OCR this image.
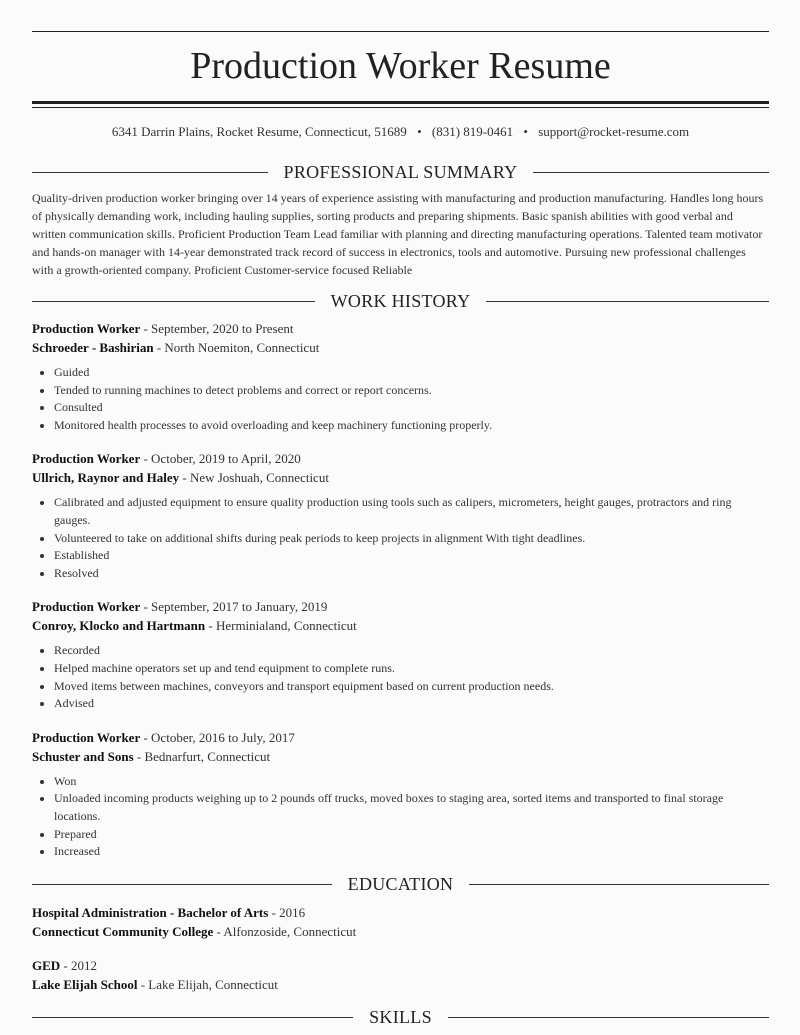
Production Worker Resume
6341 Darrin Plains, Rocket Resume, Connecticut, 51689 • (831) 819-0461 • support@rocket-resume.com
PROFESSIONAL SUMMARY

Quality-driven production worker bringing over 14 years of experience assisting with manufacturing and production manufacturing. Handles long hours of physically demanding work, including hauling supplies, sorting products and preparing shipments. Basic spanish abilities with good verbal and written communication skills. Proficient Production Team Lead familiar with planning and directing manufacturing operations. Talented team motivator and hands-on manager with 14-year demonstrated track record of success in electronics, tools and automotive. Pursuing new professional challenges with a growth-oriented company. Proficient Customer-service focused Reliable

WORK HISTORY
Production Worker - September, 2020 to Present
Schroeder - Bashirian - North Noemiton, Connecticut
• Guided
• Tended to running machines to detect problems and correct or report concerns.
• Consulted
• Monitored health processes to avoid overloading and keep machinery functioning properly.
Production Worker - October, 2019 to April, 2020
Ullrich, Raynor and Haley - New Joshuah, Connecticut
• Calibrated and adjusted equipment to ensure quality production using tools such as calipers, micrometers, height gauges, protractors and ring gauges.
• Volunteered to take on additional shifts during peak periods to keep projects in alignment With tight deadlines.
• Established
• Resolved
Production Worker - September, 2017 to January, 2019
Conroy, Klocko and Hartmann - Herminialand, Connecticut
• Recorded
• Helped machine operators set up and tend equipment to complete runs.
• Moved items between machines, conveyors and transport equipment based on current production needs.
• Advised
Production Worker - October, 2016 to July, 2017
Schuster and Sons - Bednarfurt, Connecticut
• Won
• Unloaded incoming products weighing up to 2 pounds off trucks, moved boxes to staging area, sorted items and transported to final storage locations.
• Prepared
• Increased
EDUCATION
Hospital Administration - Bachelor of Arts - 2016
Connecticut Community College - Alfonzoside, Connecticut
GED - 2012
Lake Elijah School - Lake Elijah, Connecticut
SKILLS
